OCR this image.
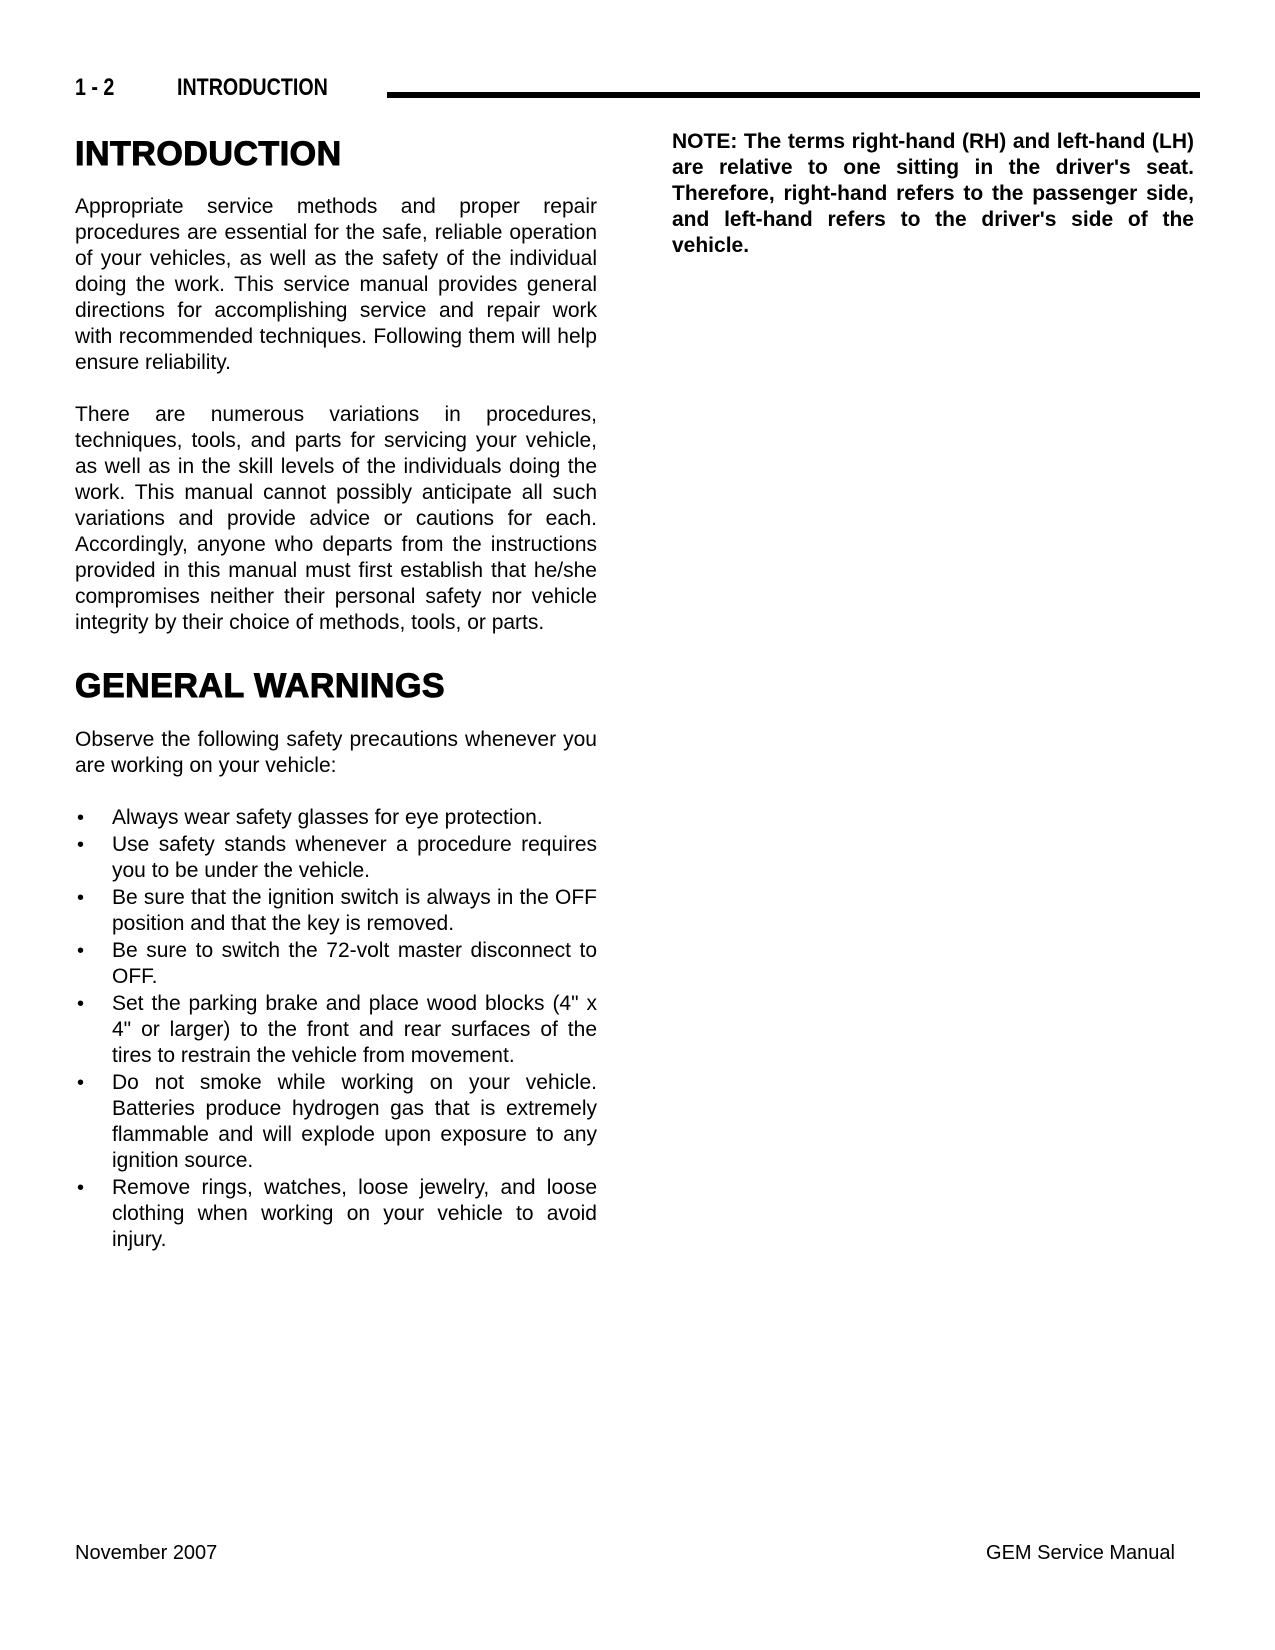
1 - 2	INTRODUCTION
INTRODUCTION

Appropriate service methods and proper repair procedures are essential for the safe, reliable operation of your vehicles, as well as the safety of the individual doing the work. This service manual provides general directions for accomplishing service and repair work with recommended techniques. Following them will help ensure reliability.

There are numerous variations in procedures, techniques, tools, and parts for servicing your vehicle, as well as in the skill levels of the individuals doing the work. This manual cannot possibly anticipate all such variations and provide advice or cautions for each. Accordingly, anyone who departs from the instructions provided in this manual must first establish that he/she compromises neither their personal safety nor vehicle integrity by their choice of methods, tools, or parts.

GENERAL WARNINGS

Observe the following safety precautions whenever you are working on your vehicle:

• Always wear safety glasses for eye protection.
• Use safety stands whenever a procedure requires you to be under the vehicle.
• Be sure that the ignition switch is always in the OFF position and that the key is removed.
• Be sure to switch the 72-volt master disconnect to OFF.
• Set the parking brake and place wood blocks (4" x 4" or larger) to the front and rear surfaces of the tires to restrain the vehicle from movement.
• Do not smoke while working on your vehicle. Batteries produce hydrogen gas that is extremely flammable and will explode upon exposure to any ignition source.
• Remove rings, watches, loose jewelry, and loose clothing when working on your vehicle to avoid injury.

NOTE: The terms right-hand (RH) and left-hand (LH) are relative to one sitting in the driver's seat. Therefore, right-hand refers to the passenger side, and left-hand refers to the driver's side of the vehicle.

November 2007	GEM Service Manual
